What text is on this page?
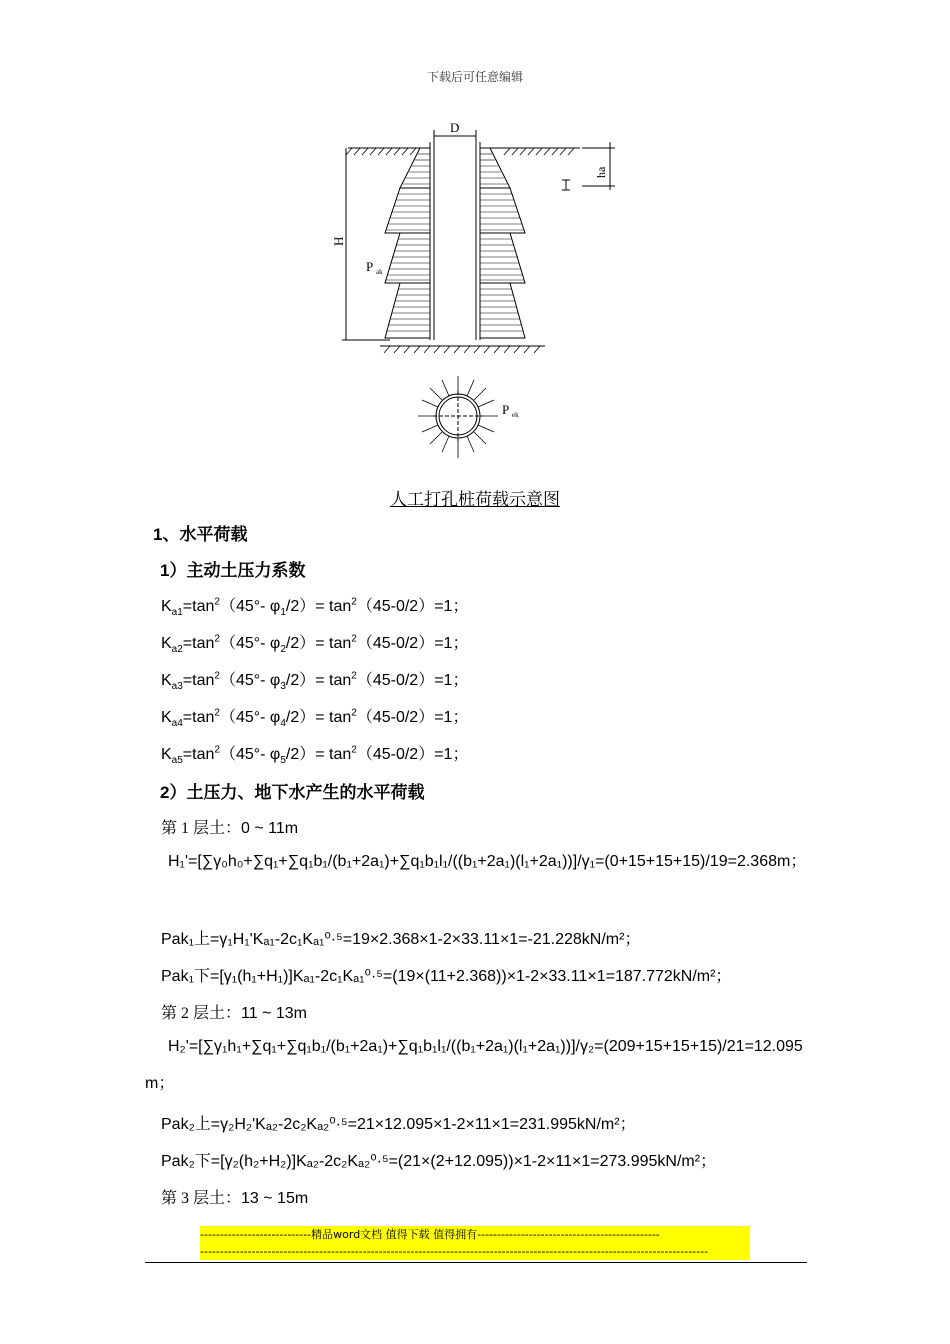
下载后可任意编辑
D
ha
H
P ak
P ek
人工打孔桩荷载示意图
1、水平荷载
1）主动土压力系数
$K_{a1}=\tan^2(45^\circ-$ $\varphi_1/2)= \tan^2(45-0/2)=1$；
$K_{a2}=\tan^2(45^\circ-$ $\varphi_2/2)= \tan^2(45-0/2)=1$；
$K_{a3}=\tan^2(45^\circ-$ $\varphi_3/2)= \tan^2(45-0/2)=1$；
$K_{a4}=\tan^2(45^\circ-$ $\varphi_4/2)= \tan^2(45-0/2)=1$；
$K_{a5}=\tan^2(45^\circ-$ $\varphi_5/2)= \tan^2(45-0/2)=1$；
2）土压力、地下水产生的水平荷载
第 1 层土：0 ~ 11m
H₁'=[∑γ₀h₀+∑q₁+∑q₁b₁/(b₁+2a₁)+∑q₁b₁l₁/((b₁+2a₁)(l₁+2a₁))]/γ₁=(0+15+15+15)/19=2.368m；
Pak₁上=γ₁H₁'Kₐ₁-2c₁Kₐ₁⁰·⁵=19×2.368×1-2×33.11×1=-21.228kN/m²；
Pak₁下=[γ₁(h₁+H₁)]Kₐ₁-2c₁Kₐ₁⁰·⁵=(19×(11+2.368))×1-2×33.11×1=187.772kN/m²；
第 2 层土：11 ~ 13m
H₂'=[∑γ₁h₁+∑q₁+∑q₁b₁/(b₁+2a₁)+∑q₁b₁l₁/((b₁+2a₁)(l₁+2a₁))]/γ₂=(209+15+15+15)/21=12.095m；
Pak₂上=γ₂H₂'Kₐ₂-2c₂Kₐ₂⁰·⁵=21×12.095×1-2×11×1=231.995kN/m²；
Pak₂下=[γ₂(h₂+H₂)]Kₐ₂-2c₂Kₐ₂⁰·⁵=(21×(2+12.095))×1-2×11×1=273.995kN/m²；
第 3 层土：13 ~ 15m
----------------------------精品word文档 值得下载 值得拥有----------------------------------------------
--------------------------------------------------------------------------------------------------------------------------------
